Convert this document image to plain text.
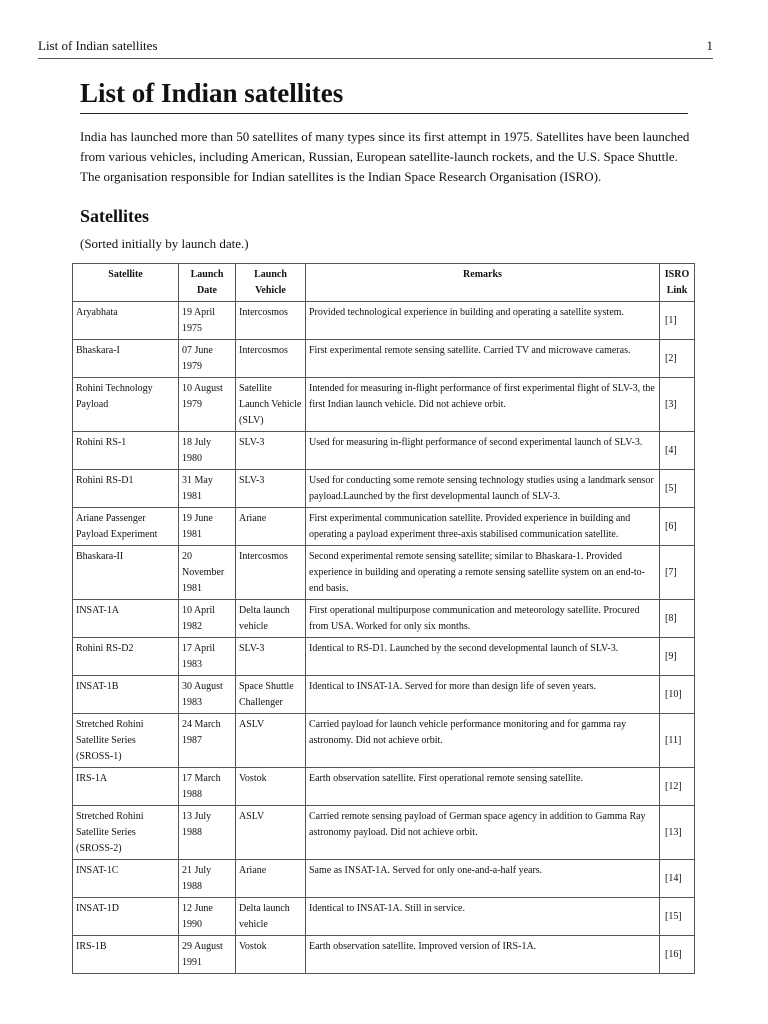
List of Indian satellites	1
List of Indian satellites

India has launched more than 50 satellites of many types since its first attempt in 1975. Satellites have been launched from various vehicles, including American, Russian, European satellite-launch rockets, and the U.S. Space Shuttle. The organisation responsible for Indian satellites is the Indian Space Research Organisation (ISRO).

Satellites

(Sorted initially by launch date.)

Satellite	Launch Date	Launch Vehicle	Remarks	ISRO Link
Aryabhata	19 April 1975	Intercosmos	Provided technological experience in building and operating a satellite system.	[1]
Bhaskara-I	07 June 1979	Intercosmos	First experimental remote sensing satellite. Carried TV and microwave cameras.	[2]
Rohini Technology Payload	10 August 1979	Satellite Launch Vehicle (SLV)	Intended for measuring in-flight performance of first experimental flight of SLV-3, the first Indian launch vehicle. Did not achieve orbit.	[3]
Rohini RS-1	18 July 1980	SLV-3	Used for measuring in-flight performance of second experimental launch of SLV-3.	[4]
Rohini RS-D1	31 May 1981	SLV-3	Used for conducting some remote sensing technology studies using a landmark sensor payload.Launched by the first developmental launch of SLV-3.	[5]
Ariane Passenger Payload Experiment	19 June 1981	Ariane	First experimental communication satellite. Provided experience in building and operating a payload experiment three-axis stabilised communication satellite.	[6]
Bhaskara-II	20 November 1981	Intercosmos	Second experimental remote sensing satellite; similar to Bhaskara-1. Provided experience in building and operating a remote sensing satellite system on an end-to-end basis.	[7]
INSAT-1A	10 April 1982	Delta launch vehicle	First operational multipurpose communication and meteorology satellite. Procured from USA. Worked for only six months.	[8]
Rohini RS-D2	17 April 1983	SLV-3	Identical to RS-D1. Launched by the second developmental launch of SLV-3.	[9]
INSAT-1B	30 August 1983	Space Shuttle Challenger	Identical to INSAT-1A. Served for more than design life of seven years.	[10]
Stretched Rohini Satellite Series (SROSS-1)	24 March 1987	ASLV	Carried payload for launch vehicle performance monitoring and for gamma ray astronomy. Did not achieve orbit.	[11]
IRS-1A	17 March 1988	Vostok	Earth observation satellite. First operational remote sensing satellite.	[12]
Stretched Rohini Satellite Series (SROSS-2)	13 July 1988	ASLV	Carried remote sensing payload of German space agency in addition to Gamma Ray astronomy payload. Did not achieve orbit.	[13]
INSAT-1C	21 July 1988	Ariane	Same as INSAT-1A. Served for only one-and-a-half years.	[14]
INSAT-1D	12 June 1990	Delta launch vehicle	Identical to INSAT-1A. Still in service.	[15]
IRS-1B	29 August 1991	Vostok	Earth observation satellite. Improved version of IRS-1A.	[16]
